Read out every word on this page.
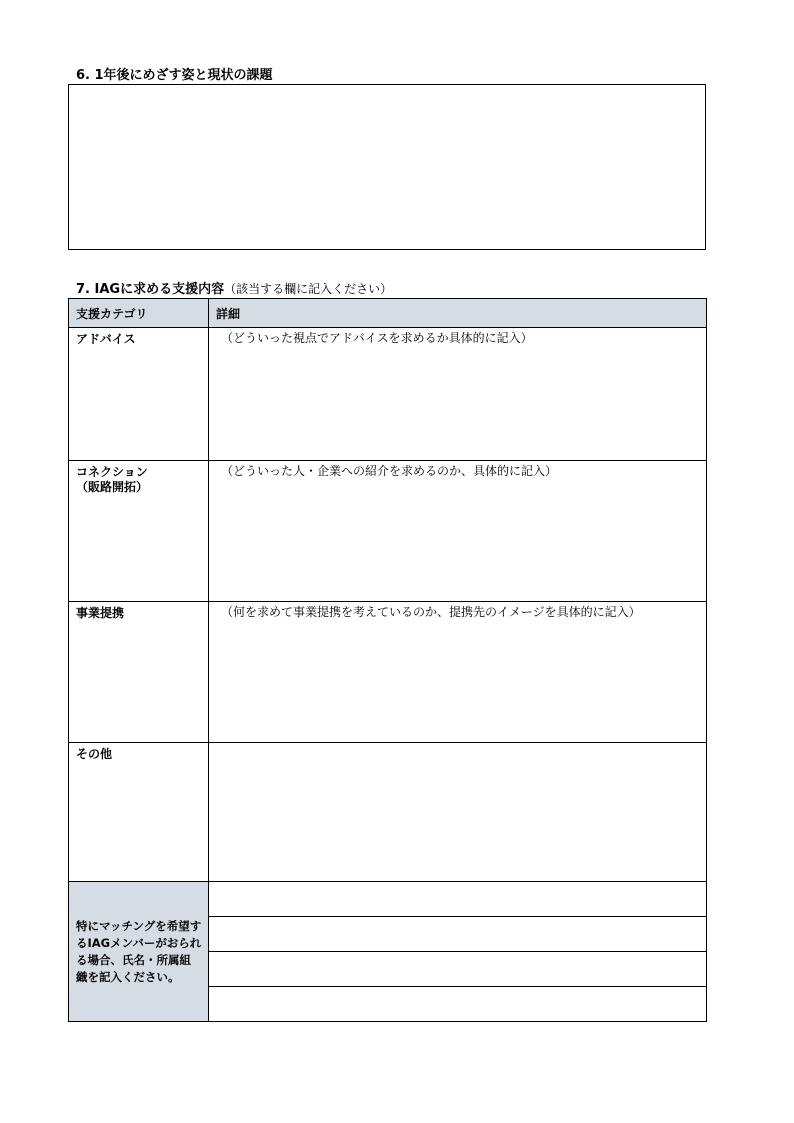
6. 1年後にめざす姿と現状の課題
7. IAGに求める支援内容（該当する欄に記入ください）
支援カテゴリ	詳細

アドバイス	（どういった視点でアドバイスを求めるか具体的に記入）

コネクション
（販路開拓）	（どういった人・企業への紹介を求めるのか、具体的に記入）

事業提携	（何を求めて事業提携を考えているのか、提携先のイメージを具体的に記入）

その他	

特にマッチングを希望するIAGメンバーがおられる場合、氏名・所属組織を記入ください。	
